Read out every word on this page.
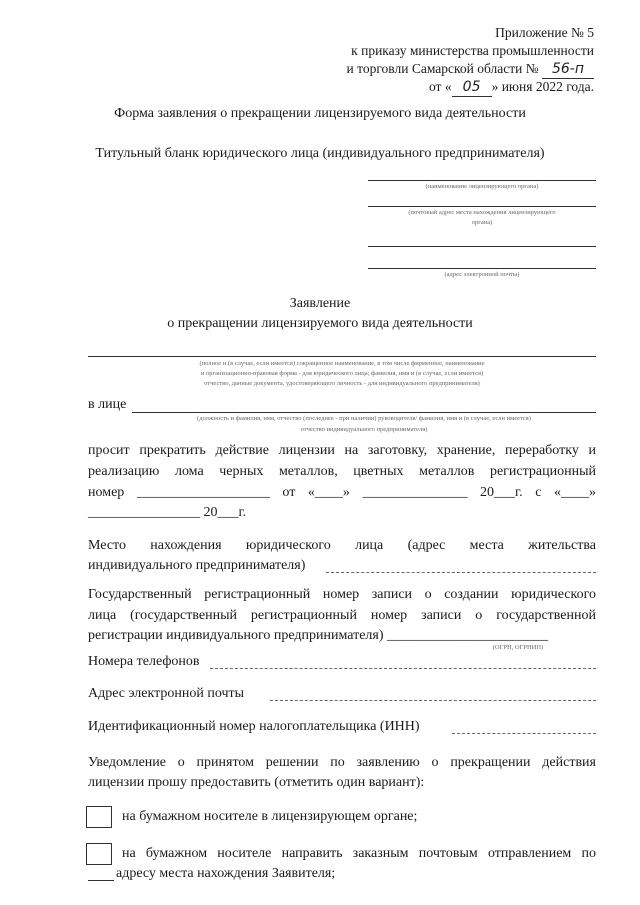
Приложение № 5
к приказу министерства промышленности
и торговли Самарской области № 56-п
от « 05 » июня 2022 года.
Форма заявления о прекращении лицензируемого вида деятельности
Титульный бланк юридического лица (индивидуального предпринимателя)
(наименование лицензирующего органа)
(почтовый адрес места нахождения лицензирующего
органа)
(адрес электронной почты)
Заявление
о прекращении лицензируемого вида деятельности
(полное и (в случае, если имеется) сокращенное наименование, в том числе фирменное, наименование
и организационно-правовая форма - для юридического лица; фамилия, имя и (в случае, если имеется)
отчество, данные документа, удостоверяющего личность - для индивидуального предпринимателя)
в лице
(должность и фамилия, имя, отчество (последнее - при наличии) руководителя/ фамилия, имя и (в случае, если имеется)
отчество индивидуального предпринимателя)
просит прекратить действие лицензии на заготовку, хранение, переработку и
реализацию лома черных металлов, цветных металлов регистрационный
номер ___________________ от «____» _______________ 20___г. с «____»
________________ 20___г.
Место нахождения юридического лица (адрес места жительства
индивидуального предпринимателя)
Государственный регистрационный номер записи о создании юридического
лица (государственный регистрационный номер записи о государственной
регистрации индивидуального предпринимателя) _______________________
(ОГРН, ОГРНИП)
Номера телефонов
Адрес электронной почты
Идентификационный номер налогоплательщика (ИНН)
Уведомление о принятом решении по заявлению о прекращении действия
лицензии прошу предоставить (отметить один вариант):
на бумажном носителе в лицензирующем органе;
на бумажном носителе направить заказным почтовым отправлением по
адресу места нахождения Заявителя;
